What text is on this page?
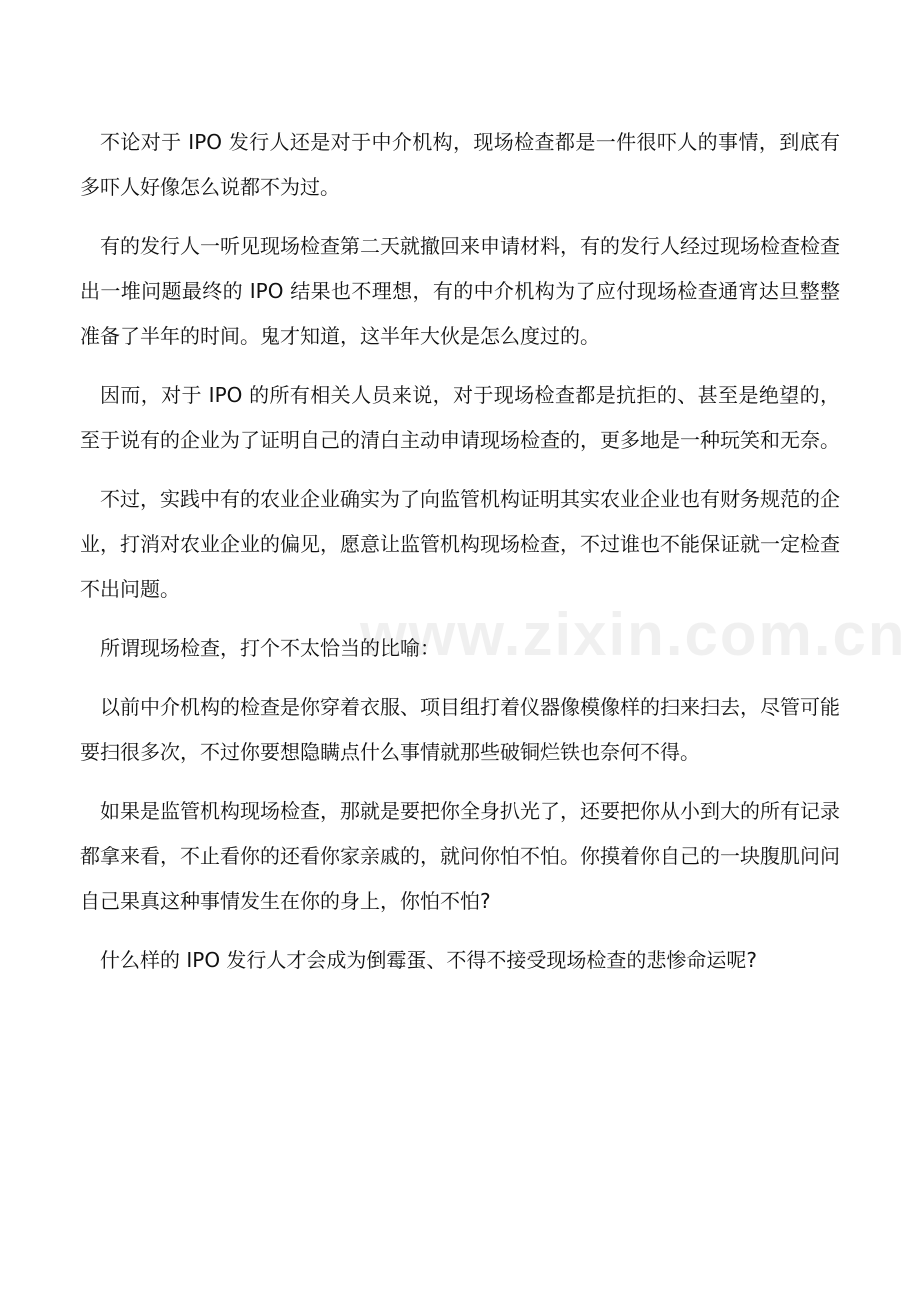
不论对于 IPO 发行人还是对于中介机构，现场检查都是一件很吓人的事情，到底有多吓人好像怎么说都不为过。

有的发行人一听见现场检查第二天就撤回来申请材料，有的发行人经过现场检查检查出一堆问题最终的 IPO 结果也不理想，有的中介机构为了应付现场检查通宵达旦整整准备了半年的时间。鬼才知道，这半年大伙是怎么度过的。

因而，对于 IPO 的所有相关人员来说，对于现场检查都是抗拒的、甚至是绝望的，至于说有的企业为了证明自己的清白主动申请现场检查的，更多地是一种玩笑和无奈。

不过，实践中有的农业企业确实为了向监管机构证明其实农业企业也有财务规范的企业，打消对农业企业的偏见，愿意让监管机构现场检查，不过谁也不能保证就一定检查不出问题。

所谓现场检查，打个不太恰当的比喻：

以前中介机构的检查是你穿着衣服、项目组打着仪器像模像样的扫来扫去，尽管可能要扫很多次，不过你要想隐瞒点什么事情就那些破铜烂铁也奈何不得。

如果是监管机构现场检查，那就是要把你全身扒光了，还要把你从小到大的所有记录都拿来看，不止看你的还看你家亲戚的，就问你怕不怕。你摸着你自己的一块腹肌问问自己果真这种事情发生在你的身上，你怕不怕?

什么样的 IPO 发行人才会成为倒霉蛋、不得不接受现场检查的悲惨命运呢?

www.zixin.com.cn
